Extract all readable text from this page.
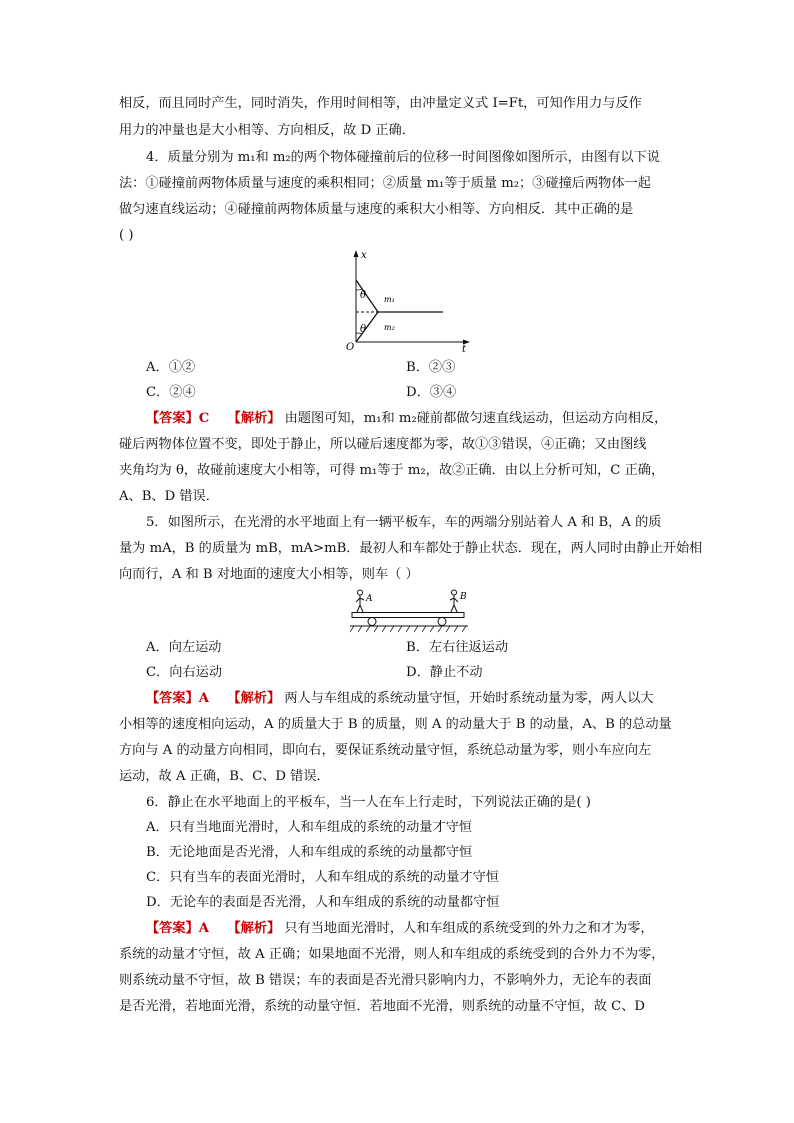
相反，而且同时产生，同时消失，作用时间相等，由冲量定义式 I=Ft，可知作用力与反作
用力的冲量也是大小相等、方向相反，故 D 正确．
4．质量分别为 m₁和 m₂的两个物体碰撞前后的位移一时间图像如图所示，由图有以下说
法：①碰撞前两物体质量与速度的乘积相同；②质量 m₁等于质量 m₂；③碰撞后两物体一起
做匀速直线运动；④碰撞前两物体质量与速度的乘积大小相等、方向相反．其中正确的是
( )
x
t
O
θ
θ
m₁
m₂
A．①②	B．②③
C．②④	D．③④
【答案】C 【解析】 由题图可知，m₁和 m₂碰前都做匀速直线运动，但运动方向相反，
碰后两物体位置不变，即处于静止，所以碰后速度都为零，故①③错误，④正确；又由图线
夹角均为 θ，故碰前速度大小相等，可得 m₁等于 m₂，故②正确．由以上分析可知，C 正确，
A、B、D 错误．
5．如图所示，在光滑的水平地面上有一辆平板车，车的两端分别站着人 A 和 B，A 的质
量为 mA，B 的质量为 mB，mA>mB．最初人和车都处于静止状态．现在，两人同时由静止开始相
向而行，A 和 B 对地面的速度大小相等，则车（ ）
A	B
A．向左运动	B．左右往返运动
C．向右运动	D．静止不动
【答案】A 【解析】 两人与车组成的系统动量守恒，开始时系统动量为零，两人以大
小相等的速度相向运动，A 的质量大于 B 的质量，则 A 的动量大于 B 的动量，A、B 的总动量
方向与 A 的动量方向相同，即向右，要保证系统动量守恒，系统总动量为零，则小车应向左
运动，故 A 正确，B、C、D 错误．
6．静止在水平地面上的平板车，当一人在车上行走时，下列说法正确的是( )
A．只有当地面光滑时，人和车组成的系统的动量才守恒
B．无论地面是否光滑，人和车组成的系统的动量都守恒
C．只有当车的表面光滑时，人和车组成的系统的动量才守恒
D．无论车的表面是否光滑，人和车组成的系统的动量都守恒
【答案】A 【解析】 只有当地面光滑时，人和车组成的系统受到的外力之和才为零，
系统的动量才守恒，故 A 正确；如果地面不光滑，则人和车组成的系统受到的合外力不为零，
则系统动量不守恒，故 B 错误；车的表面是否光滑只影响内力，不影响外力，无论车的表面
是否光滑，若地面光滑，系统的动量守恒．若地面不光滑，则系统的动量不守恒，故 C、D
